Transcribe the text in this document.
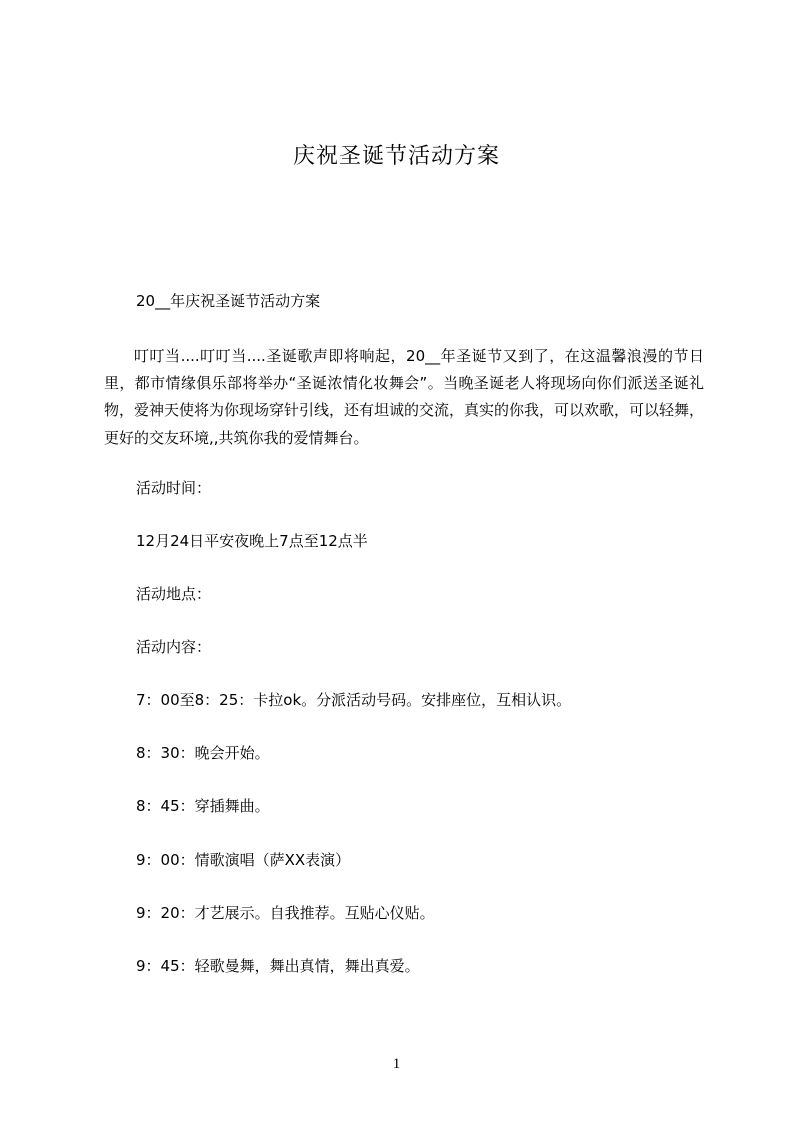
庆祝圣诞节活动方案
20__年庆祝圣诞节活动方案
叮叮当....叮叮当....圣诞歌声即将响起，20__年圣诞节又到了，在这温馨浪漫的节日里，都市情缘俱乐部将举办“圣诞浓情化妆舞会”。当晚圣诞老人将现场向你们派送圣诞礼物，爱神天使将为你现场穿针引线，还有坦诚的交流，真实的你我，可以欢歌，可以轻舞，更好的交友环境,,共筑你我的爱情舞台。
活动时间：
12月24日平安夜晚上7点至12点半
活动地点：
活动内容：
7：00至8：25：卡拉ok。分派活动号码。安排座位，互相认识。
8：30：晚会开始。
8：45：穿插舞曲。
9：00：情歌演唱（萨XX表演）
9：20：才艺展示。自我推荐。互贴心仪贴。
9：45：轻歌曼舞，舞出真情，舞出真爱。
1
